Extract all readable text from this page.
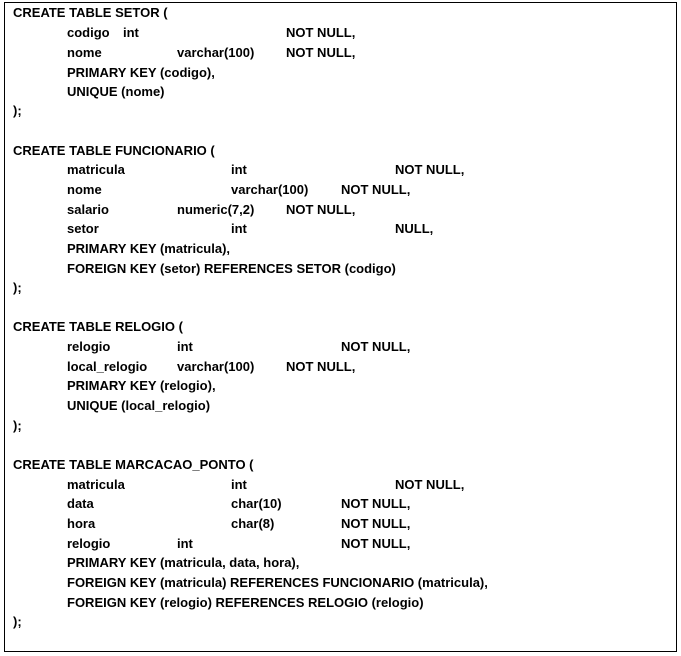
CREATE TABLE SETOR (
codigo int	NOT NULL,
nome	varchar(100) NOT NULL,
PRIMARY KEY (codigo),
UNIQUE (nome)
);
CREATE TABLE FUNCIONARIO (
matricula	int	NOT NULL,
nome	varchar(100)	NOT NULL,
salario	numeric(7,2) NOT NULL,
setor	int	NULL,
PRIMARY KEY (matricula),
FOREIGN KEY (setor) REFERENCES SETOR (codigo)
);
CREATE TABLE RELOGIO (
relogio	int	NOT NULL,
local_relogio varchar(100) NOT NULL,
PRIMARY KEY (relogio),
UNIQUE (local_relogio)
);
CREATE TABLE MARCACAO_PONTO (
matricula	int	NOT NULL,
data	char(10)	NOT NULL,
hora	char(8)	NOT NULL,
relogio	int	NOT NULL,
PRIMARY KEY (matricula, data, hora),
FOREIGN KEY (matricula) REFERENCES FUNCIONARIO (matricula),
FOREIGN KEY (relogio) REFERENCES RELOGIO (relogio)
);
